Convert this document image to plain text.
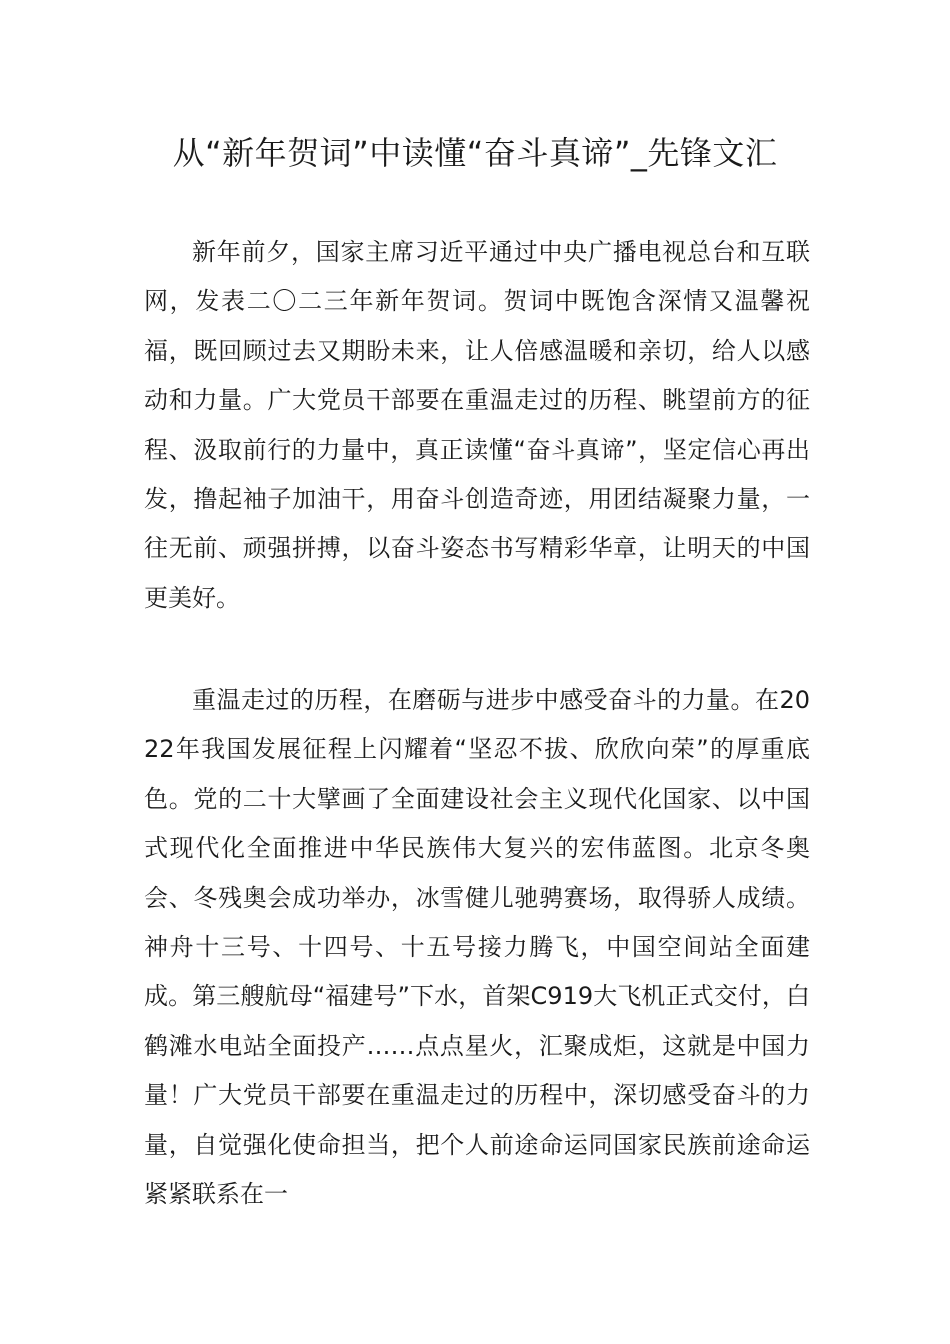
从“新年贺词”中读懂“奋斗真谛”_先锋文汇

新年前夕，国家主席习近平通过中央广播电视总台和互联网，发表二〇二三年新年贺词。贺词中既饱含深情又温馨祝福，既回顾过去又期盼未来，让人倍感温暖和亲切，给人以感动和力量。广大党员干部要在重温走过的历程、眺望前方的征程、汲取前行的力量中，真正读懂“奋斗真谛”，坚定信心再出发，撸起袖子加油干，用奋斗创造奇迹，用团结凝聚力量，一往无前、顽强拼搏，以奋斗姿态书写精彩华章，让明天的中国更美好。

重温走过的历程，在磨砺与进步中感受奋斗的力量。在2022年我国发展征程上闪耀着“坚忍不拔、欣欣向荣”的厚重底色。党的二十大擘画了全面建设社会主义现代化国家、以中国式现代化全面推进中华民族伟大复兴的宏伟蓝图。北京冬奥会、冬残奥会成功举办，冰雪健儿驰骋赛场，取得骄人成绩。神舟十三号、十四号、十五号接力腾飞，中国空间站全面建成。第三艘航母“福建号”下水，首架C919大飞机正式交付，白鹤滩水电站全面投产……点点星火，汇聚成炬，这就是中国力量！广大党员干部要在重温走过的历程中，深切感受奋斗的力量，自觉强化使命担当，把个人前途命运同国家民族前途命运紧紧联系在一
